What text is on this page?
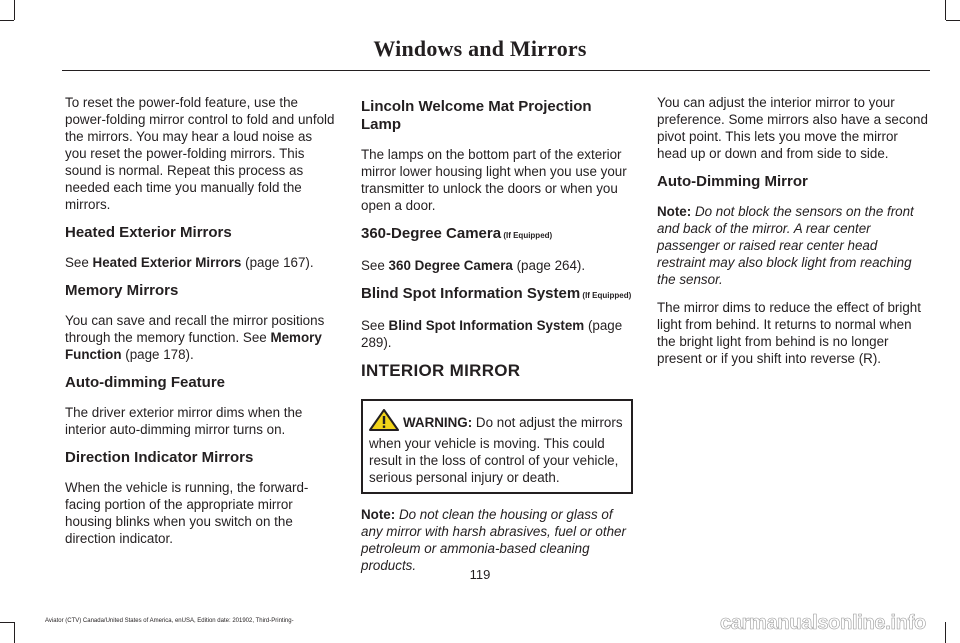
Windows and Mirrors

To reset the power-fold feature, use the power-folding mirror control to fold and unfold the mirrors. You may hear a loud noise as you reset the power-folding mirrors. This sound is normal. Repeat this process as needed each time you manually fold the mirrors.

Heated Exterior Mirrors

See Heated Exterior Mirrors (page 167).

Memory Mirrors

You can save and recall the mirror positions through the memory function. See Memory Function (page 178).

Auto-dimming Feature

The driver exterior mirror dims when the interior auto-dimming mirror turns on.

Direction Indicator Mirrors

When the vehicle is running, the forward-facing portion of the appropriate mirror housing blinks when you switch on the direction indicator.

Lincoln Welcome Mat Projection Lamp

The lamps on the bottom part of the exterior mirror lower housing light when you use your transmitter to unlock the doors or when you open a door.

360-Degree Camera (If Equipped)

See 360 Degree Camera (page 264).

Blind Spot Information System (If Equipped)

See Blind Spot Information System (page 289).

INTERIOR MIRROR
WARNING: Do not adjust the mirrors when your vehicle is moving. This could result in the loss of control of your vehicle, serious personal injury or death.

Note: Do not clean the housing or glass of any mirror with harsh abrasives, fuel or other petroleum or ammonia-based cleaning products.

You can adjust the interior mirror to your preference. Some mirrors also have a second pivot point. This lets you move the mirror head up or down and from side to side.

Auto-Dimming Mirror

Note: Do not block the sensors on the front and back of the mirror. A rear center passenger or raised rear center head restraint may also block light from reaching the sensor.

The mirror dims to reduce the effect of bright light from behind. It returns to normal when the bright light from behind is no longer present or if you shift into reverse (R).

119
Aviator (CTV) Canada/United States of America, enUSA, Edition date: 201902, Third-Printing-	carmanualsonline.info
